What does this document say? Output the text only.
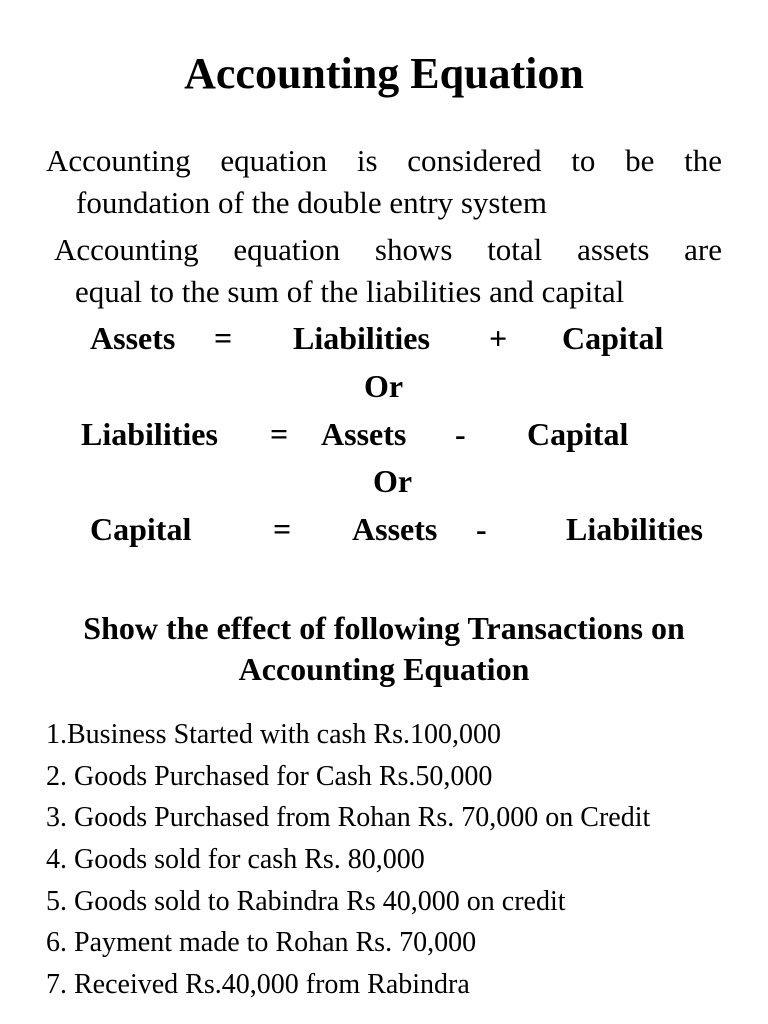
Accounting Equation
Accounting equation is considered to be the
foundation of the double entry system
Accounting equation shows total assets are
equal to the sum of the liabilities and capital
Assets = Liabilities + Capital
Or
Liabilities = Assets - Capital
Or
Capital	= Assets - Liabilities
Show the effect of following Transactions on
Accounting Equation
1.Business Started with cash Rs.100,000
2. Goods Purchased for Cash Rs.50,000
3. Goods Purchased from Rohan Rs. 70,000 on Credit
4. Goods sold for cash Rs. 80,000
5. Goods sold to Rabindra Rs 40,000 on credit
6. Payment made to Rohan Rs. 70,000
7. Received Rs.40,000 from Rabindra
